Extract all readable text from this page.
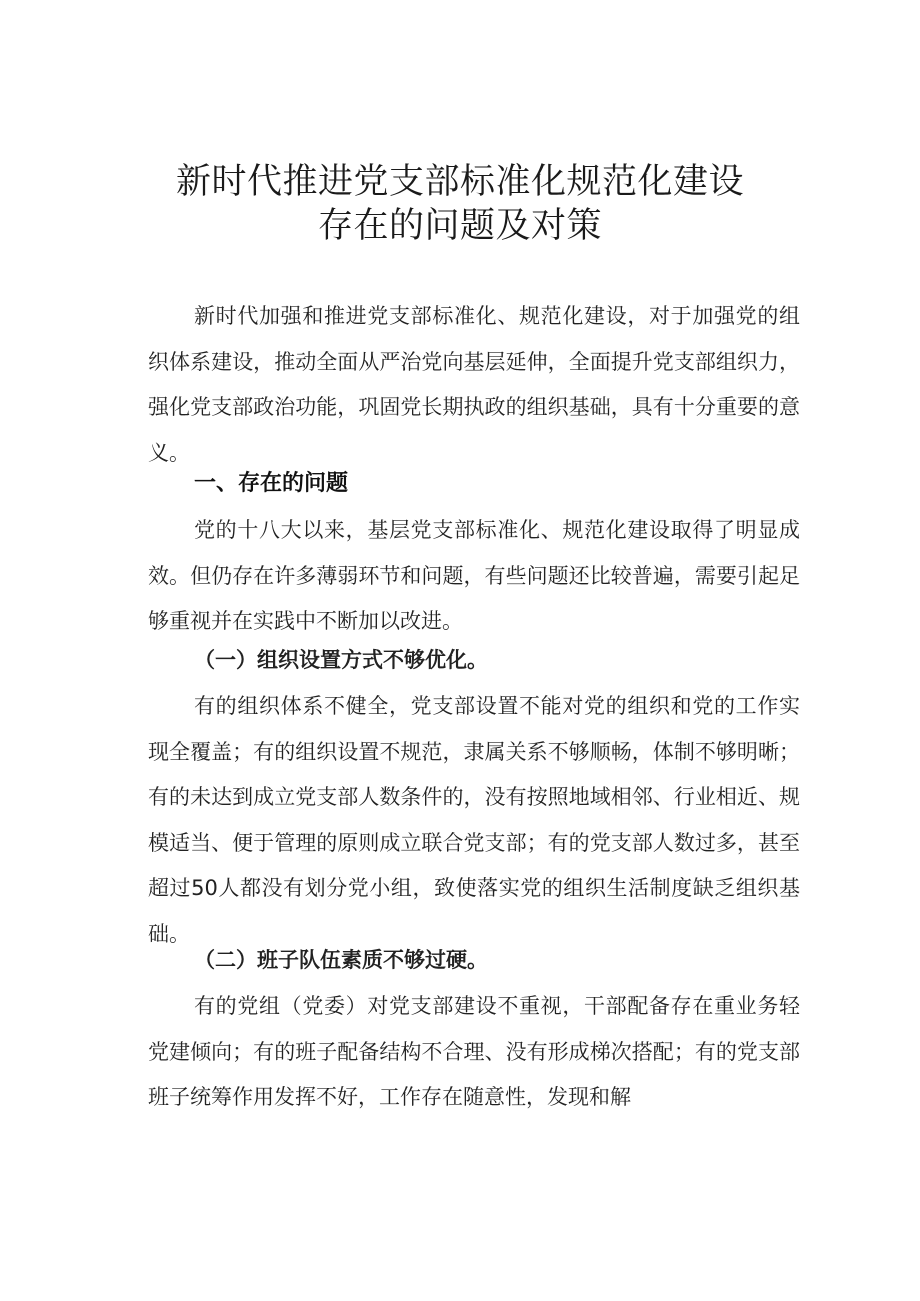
新时代推进党支部标准化规范化建设
存在的问题及对策

新时代加强和推进党支部标准化、规范化建设，对于加强党的组织体系建设，推动全面从严治党向基层延伸，全面提升党支部组织力，强化党支部政治功能，巩固党长期执政的组织基础，具有十分重要的意义。

一、存在的问题

党的十八大以来，基层党支部标准化、规范化建设取得了明显成效。但仍存在许多薄弱环节和问题，有些问题还比较普遍，需要引起足够重视并在实践中不断加以改进。

（一）组织设置方式不够优化。

有的组织体系不健全，党支部设置不能对党的组织和党的工作实现全覆盖；有的组织设置不规范，隶属关系不够顺畅，体制不够明晰；有的未达到成立党支部人数条件的，没有按照地域相邻、行业相近、规模适当、便于管理的原则成立联合党支部；有的党支部人数过多，甚至超过50人都没有划分党小组，致使落实党的组织生活制度缺乏组织基础。

（二）班子队伍素质不够过硬。

有的党组（党委）对党支部建设不重视，干部配备存在重业务轻党建倾向；有的班子配备结构不合理、没有形成梯次搭配；有的党支部班子统筹作用发挥不好，工作存在随意性，发现和解
